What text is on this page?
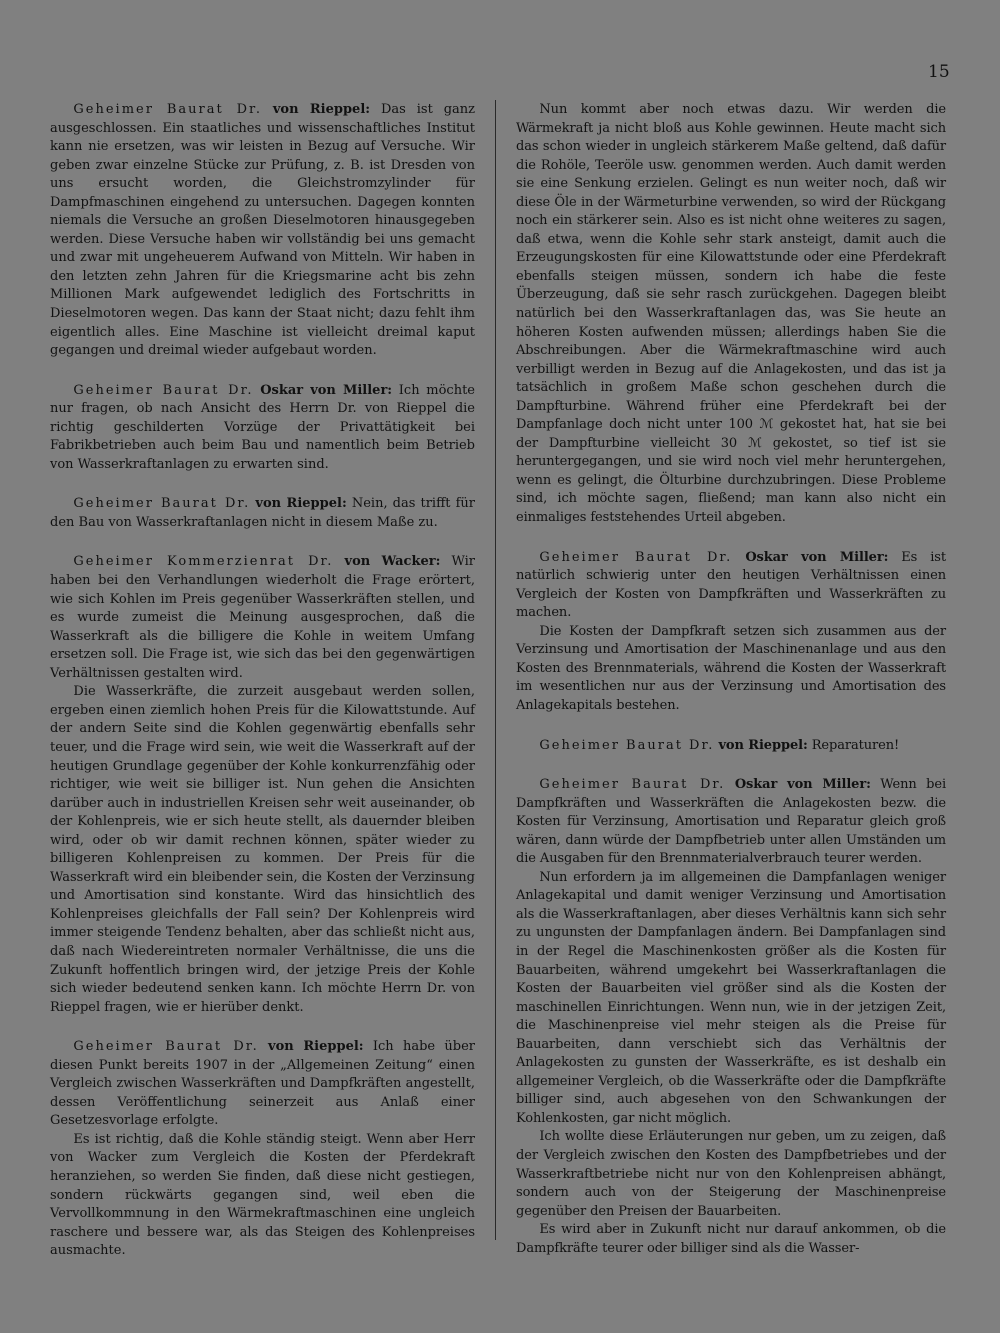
15

Geheimer Baurat Dr. von Rieppel: Das ist ganz ausgeschlossen. Ein staatliches und wissenschaftliches Institut kann nie ersetzen, was wir leisten in Bezug auf Versuche. Wir geben zwar einzelne Stücke zur Prüfung, z. B. ist Dresden von uns ersucht worden, die Gleichstromzylinder für Dampfmaschinen eingehend zu untersuchen. Dagegen konnten niemals die Versuche an großen Dieselmotoren hinausgegeben werden. Diese Versuche haben wir vollständig bei uns gemacht und zwar mit ungeheuerem Aufwand von Mitteln. Wir haben in den letzten zehn Jahren für die Kriegsmarine acht bis zehn Millionen Mark aufgewendet lediglich des Fortschritts in Dieselmotoren wegen. Das kann der Staat nicht; dazu fehlt ihm eigentlich alles. Eine Maschine ist vielleicht dreimal kaput gegangen und dreimal wieder aufgebaut worden.

Geheimer Baurat Dr. Oskar von Miller: Ich möchte nur fragen, ob nach Ansicht des Herrn Dr. von Rieppel die richtig geschilderten Vorzüge der Privattätigkeit bei Fabrikbetrieben auch beim Bau und namentlich beim Betrieb von Wasserkraftanlagen zu erwarten sind.

Geheimer Baurat Dr. von Rieppel: Nein, das trifft für den Bau von Wasserkraftanlagen nicht in diesem Maße zu.

Geheimer Kommerzienrat Dr. von Wacker: Wir haben bei den Verhandlungen wiederholt die Frage erörtert, wie sich Kohlen im Preis gegenüber Wasserkräften stellen, und es wurde zumeist die Meinung ausgesprochen, daß die Wasserkraft als die billigere die Kohle in weitem Umfang ersetzen soll. Die Frage ist, wie sich das bei den gegenwärtigen Verhältnissen gestalten wird.

Die Wasserkräfte, die zurzeit ausgebaut werden sollen, ergeben einen ziemlich hohen Preis für die Kilowattstunde. Auf der andern Seite sind die Kohlen gegenwärtig ebenfalls sehr teuer, und die Frage wird sein, wie weit die Wasserkraft auf der heutigen Grundlage gegenüber der Kohle konkurrenzfähig oder richtiger, wie weit sie billiger ist. Nun gehen die Ansichten darüber auch in industriellen Kreisen sehr weit auseinander, ob der Kohlenpreis, wie er sich heute stellt, als dauernder bleiben wird, oder ob wir damit rechnen können, später wieder zu billigeren Kohlenpreisen zu kommen. Der Preis für die Wasserkraft wird ein bleibender sein, die Kosten der Verzinsung und Amortisation sind konstante. Wird das hinsichtlich des Kohlenpreises gleichfalls der Fall sein? Der Kohlenpreis wird immer steigende Tendenz behalten, aber das schließt nicht aus, daß nach Wiedereintreten normaler Verhältnisse, die uns die Zukunft hoffentlich bringen wird, der jetzige Preis der Kohle sich wieder bedeutend senken kann. Ich möchte Herrn Dr. von Rieppel fragen, wie er hierüber denkt.

Geheimer Baurat Dr. von Rieppel: Ich habe über diesen Punkt bereits 1907 in der „Allgemeinen Zeitung“ einen Vergleich zwischen Wasserkräften und Dampfkräften angestellt, dessen Veröffentlichung seinerzeit aus Anlaß einer Gesetzesvorlage erfolgte.

Es ist richtig, daß die Kohle ständig steigt. Wenn aber Herr von Wacker zum Vergleich die Kosten der Pferdekraft heranziehen, so werden Sie finden, daß diese nicht gestiegen, sondern rückwärts gegangen sind, weil eben die Vervollkommnung in den Wärmekraftmaschinen eine ungleich raschere und bessere war, als das Steigen des Kohlenpreises ausmachte.

Nun kommt aber noch etwas dazu. Wir werden die Wärmekraft ja nicht bloß aus Kohle gewinnen. Heute macht sich das schon wieder in ungleich stärkerem Maße geltend, daß dafür die Rohöle, Teeröle usw. genommen werden. Auch damit werden sie eine Senkung erzielen. Gelingt es nun weiter noch, daß wir diese Öle in der Wärmeturbine verwenden, so wird der Rückgang noch ein stärkerer sein. Also es ist nicht ohne weiteres zu sagen, daß etwa, wenn die Kohle sehr stark ansteigt, damit auch die Erzeugungskosten für eine Kilowattstunde oder eine Pferdekraft ebenfalls steigen müssen, sondern ich habe die feste Überzeugung, daß sie sehr rasch zurückgehen. Dagegen bleibt natürlich bei den Wasserkraftanlagen das, was Sie heute an höheren Kosten aufwenden müssen; allerdings haben Sie die Abschreibungen. Aber die Wärmekraftmaschine wird auch verbilligt werden in Bezug auf die Anlagekosten, und das ist ja tatsächlich in großem Maße schon geschehen durch die Dampfturbine. Während früher eine Pferdekraft bei der Dampfanlage doch nicht unter 100 ℳ gekostet hat, hat sie bei der Dampfturbine vielleicht 30 ℳ gekostet, so tief ist sie heruntergegangen, und sie wird noch viel mehr heruntergehen, wenn es gelingt, die Ölturbine durchzubringen. Diese Probleme sind, ich möchte sagen, fließend; man kann also nicht ein einmaliges feststehendes Urteil abgeben.

Geheimer Baurat Dr. Oskar von Miller: Es ist natürlich schwierig unter den heutigen Verhältnissen einen Vergleich der Kosten von Dampfkräften und Wasserkräften zu machen.

Die Kosten der Dampfkraft setzen sich zusammen aus der Verzinsung und Amortisation der Maschinenanlage und aus den Kosten des Brennmaterials, während die Kosten der Wasserkraft im wesentlichen nur aus der Verzinsung und Amortisation des Anlagekapitals bestehen.

Geheimer Baurat Dr. von Rieppel: Reparaturen!

Geheimer Baurat Dr. Oskar von Miller: Wenn bei Dampfkräften und Wasserkräften die Anlagekosten bezw. die Kosten für Verzinsung, Amortisation und Reparatur gleich groß wären, dann würde der Dampfbetrieb unter allen Umständen um die Ausgaben für den Brennmaterialverbrauch teurer werden.

Nun erfordern ja im allgemeinen die Dampfanlagen weniger Anlagekapital und damit weniger Verzinsung und Amortisation als die Wasserkraftanlagen, aber dieses Verhältnis kann sich sehr zu ungunsten der Dampfanlagen ändern. Bei Dampfanlagen sind in der Regel die Maschinenkosten größer als die Kosten für Bauarbeiten, während umgekehrt bei Wasserkraftanlagen die Kosten der Bauarbeiten viel größer sind als die Kosten der maschinellen Einrichtungen. Wenn nun, wie in der jetzigen Zeit, die Maschinenpreise viel mehr steigen als die Preise für Bauarbeiten, dann verschiebt sich das Verhältnis der Anlagekosten zu gunsten der Wasserkräfte, es ist deshalb ein allgemeiner Vergleich, ob die Wasserkräfte oder die Dampfkräfte billiger sind, auch abgesehen von den Schwankungen der Kohlenkosten, gar nicht möglich.

Ich wollte diese Erläuterungen nur geben, um zu zeigen, daß der Vergleich zwischen den Kosten des Dampfbetriebes und der Wasserkraftbetriebe nicht nur von den Kohlenpreisen abhängt, sondern auch von der Steigerung der Maschinenpreise gegenüber den Preisen der Bauarbeiten.

Es wird aber in Zukunft nicht nur darauf ankommen, ob die Dampfkräfte teurer oder billiger sind als die Wasser-
